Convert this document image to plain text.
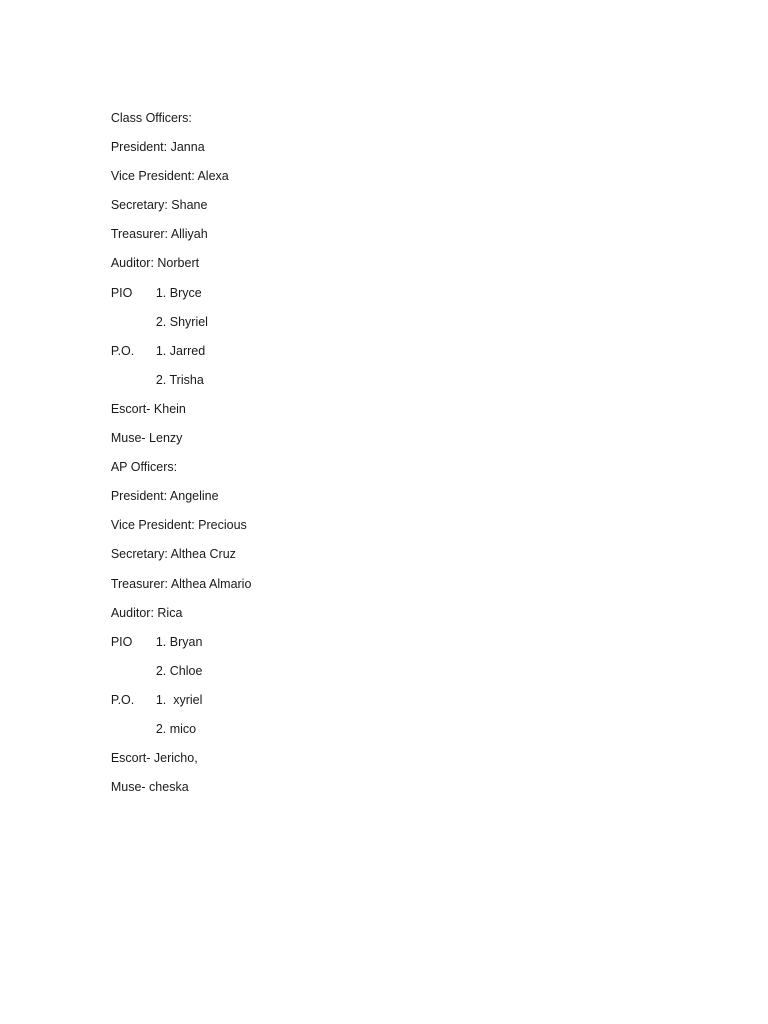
Class Officers:

President: Janna

Vice President: Alexa

Secretary: Shane

Treasurer: Alliyah

Auditor: Norbert

PIO 1. Bryce

2. Shyriel

P.O. 1. Jarred

2. Trisha

Escort- Khein

Muse- Lenzy

AP Officers:

President: Angeline

Vice President: Precious

Secretary: Althea Cruz

Treasurer: Althea Almario

Auditor: Rica

PIO 1. Bryan

2. Chloe

P.O. 1.  xyriel

2. mico

Escort- Jericho,

Muse- cheska
